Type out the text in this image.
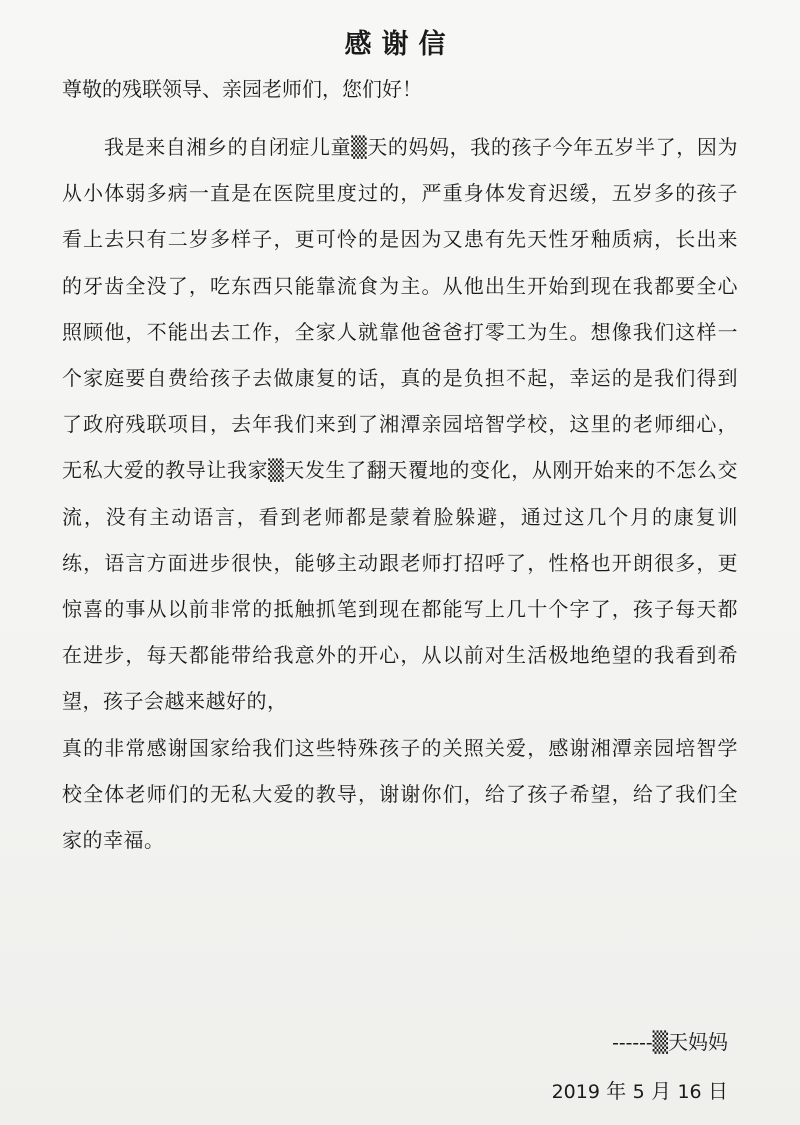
感谢信
尊敬的残联领导、亲园老师们，您们好！

我是来自湘乡的自闭症儿童▒天的妈妈，我的孩子今年五岁半了，因为从小体弱多病一直是在医院里度过的，严重身体发育迟缓，五岁多的孩子看上去只有二岁多样子，更可怜的是因为又患有先天性牙釉质病，长出来的牙齿全没了，吃东西只能靠流食为主。从他出生开始到现在我都要全心照顾他，不能出去工作，全家人就靠他爸爸打零工为生。想像我们这样一个家庭要自费给孩子去做康复的话，真的是负担不起，幸运的是我们得到了政府残联项目，去年我们来到了湘潭亲园培智学校，这里的老师细心，无私大爱的教导让我家▒天发生了翻天覆地的变化，从刚开始来的不怎么交流，没有主动语言，看到老师都是蒙着脸躲避，通过这几个月的康复训练，语言方面进步很快，能够主动跟老师打招呼了，性格也开朗很多，更惊喜的事从以前非常的抵触抓笔到现在都能写上几十个字了，孩子每天都在进步，每天都能带给我意外的开心，从以前对生活极地绝望的我看到希望，孩子会越来越好的，

真的非常感谢国家给我们这些特殊孩子的关照关爱，感谢湘潭亲园培智学校全体老师们的无私大爱的教导，谢谢你们，给了孩子希望，给了我们全家的幸福。

------▒天妈妈
2019 年 5 月 16 日
